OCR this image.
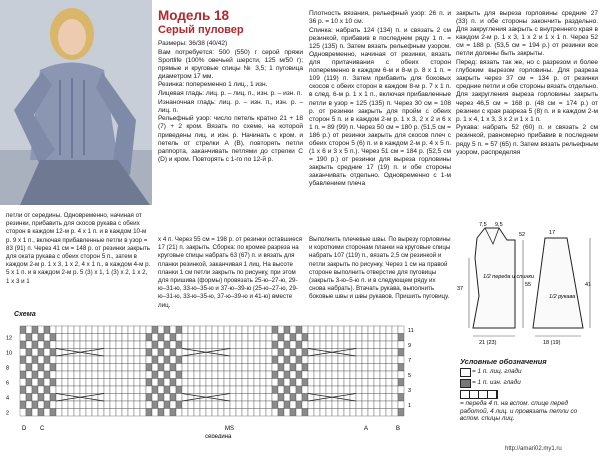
Модель 18
Серый пуловер

Размеры: 36/38 (40/42)

Вам потребуется: 500 (550) г серой пряжи Sportlife (100% овечьей шерсти, 125 м/50 г); прямые и круговые спицы № 3,5; 1 пуговица диаметром 17 мм.

Резинка: попеременно 1 лиц., 1 изн.

Лицевая гладь: лиц. р. – лиц. п., изн. р. – изн. п.

Изнаночная гладь: лиц. р. – изн. п., изн. р. – лиц. п.

Рельефный узор: число петель кратно 21 + 18 (7) + 2 кром. Вязать по схеме, на которой приведены лиц. и изн. р. Начинать с кром. и петель от стрелки А (В), повторять петли раппорта, заканчивать петлями до стрелки С (D) и кром. Повторять с 1-го по 12-й р.

Плотность вязания, рельефный узор: 26 п. и 36 р. = 10 х 10 см.

Спинка: набрать 124 (134) п. и связать 2 см резинкой, прибавив в последнем ряду 1 п. = 125 (135) п. Затем вязать рельефным узором. Одновременно, начиная от резинки, вязать для притачивания с обеих сторон попеременно в каждом 6-м и 8-м р. 8 х 1 п. = 109 (119) п. Затем прибавить для боковых скосов с обеих сторон в каждом 8-м р. 7 х 1 п. в след. 6-м р. 1 х 1 п., включая прибавленные петли в узор = 125 (135) п. Через 30 см = 108 р. от резинки закрыть для пройм с обеих сторон 5 п. и в каждом 2-м р. 1 х 3, 2 х 2 и 6 х 1 п. = 89 (99) п. Через 50 см = 180 р. (51,5 см = 186 р.) от резинки закрыть для скосов плеч с обеих сторон 5 (6) п. и в каждом 2-м р. 4 х 5 п. (1 х 6 и 3 х 5 п.). Через 51 см = 184 р. (52,5 см = 190 р.) от резинки для выреза горловины закрыть средние 17 (19) п. и обе стороны заканчивать отдельно. Одновременно с 1-м убавлением плеча

закрыть для выреза горловины средние 27 (33) п. и обе стороны закончить раздельно. Для закругления закрыть с внутреннего края в каждом 2-м р. 1 х 3, 1 х 2 и 1 х 1 п. Через 52 см = 188 р. (53,5 см = 194 р.) от резинки все петли должны быть закрыты.

Перед: вязать так же, но с разрезом и более глубоким вырезом горловины. Для разреза закрыть через 37 см = 134 р. от резинки средние петли и обе стороны вязать отдельно. Для закругления выреза горловины закрыть через 46,5 см = 168 р. (48 см = 174 р.) от резинки с края разреза 5 (8) п. и в каждом 2-м р. 1 х 4, 1 х 3, 3 х 2 и 1 х 1 п.

Рукава: набрать 52 (60) п. и связать 2 см резинкой, равномерно прибавив в последнем ряду 5 п. = 57 (65) п. Затем вязать рельефным узором, распределяя

петли от середины. Одновременно, начиная от резинки, прибавить для скосов рукава с обеих сторон в каждом 12-м р. 4 х 1 п. и в каждом 10-м р. 9 х 1 п., включая прибавленные петли в узор = 83 (91) п. Через 41 см = 148 р. от резинки закрыть для оката рукава с обеих сторон 5 п., затем в каждом 2-м р. 1 х 3, 1 х 2, 4 х 1 п., в каждом 4-м р. 5 х 1 п. и в каждом 2-м р. 5 (3) х 1, 1 (3) х 2, 1 х 2, 1 х 3 и 1
х 4 п. Через 55 см = 198 р. от резинки оставшиеся 17 (21) п. закрыть. Сборка: по кромке разреза на круговые спицы набрать 63 (67) п. и вязать для планки резинкой, заканчивая 1 лиц. На высоте планки 1 см петли закрыть по рисунку, при этом для пришива (формы) провязать 25-ю–27-ю, 29-ю–31-ю, 33-ю–35-ю и 37-ю–39-ю (25-ю–27-ю, 29-ю–31-ю, 33-ю–35-ю, 37-ю–39-ю и 41-ю) вместе лиц.
Выполнить плечевые швы. По вырезу горловины и короткими сторонам планки на круговые спицы набрать 107 (119) п., вязать 2,5 см резинкой и петли закрыть по рисунку. Через 1 см на правой стороне выполнить отверстие для пуговицы (закрыть 3-ю–5-ю п. и в следующем ряду их снова набрать). Втачать рукава, выполнить боковые швы и швы рукавов. Пришить пуговицу.
7,5 9,5
52	17
37
55	41
21 (23)	18 (19)
1/2 переда и спинки
1/2 рукава
Схема
11
9
7
5
3
1
12
10
8
6
4
2
D C	MS
середина
А	В
Условные обозначения
= 1 п. лиц. глади
= 1 п. изн. глади
= переда 4 п. на вспом. спице перед работой, 4 лиц. и провязать петли со вспом. спицы лиц.
http://amari02.my1.ru
